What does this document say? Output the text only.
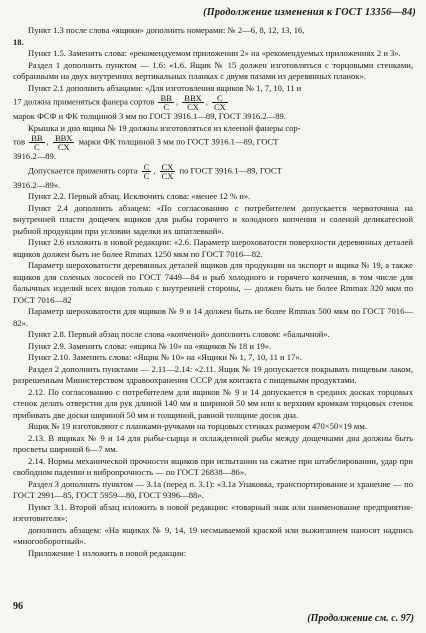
(Продолжение изменения к ГОСТ 13356—84)

Пункт 1.3 после слова «ящики» дополнить номерами: № 2—6, 8, 12, 13, 16,

18.

Пункт 1.5. Заменить слова: «рекомендуемом приложении 2» на «рекомендуемых приложениях 2 и 3».

Раздел 1 дополнить пунктом — 1.6: «1.6. Ящик № 15 должен изготовляться с торцовыми стенками, собранными на двух внутренних вертикальных планках с двумя пазами из деревянных планок».

Пункт 2.1 дополнить абзацами: «Для изготовления ящиков № 1, 7, 10, 11 и

17 должна применяться фанера сортов $\frac{ВВ}{С}$ , $\frac{\text{ВВХ}}{СХ}$ , $\frac{С}{СХ}$

марок ФСФ и ФК толщиной 3 мм по ГОСТ 3916.1—89, ГОСТ 3916.2—89.

Крышка и дно ящика № 19 должны изготовляться из клееной фанеры сор-

тов $\frac{ВВ}{С}$ , $\frac{\text{ВВХ}}{СХ}$ марки ФК толщиной 3 мм по ГОСТ 3916.1—89, ГОСТ

3916.2—89.

Допускается применять сорта $\frac{С}{С}$ , $\frac{СХ}{СХ}$ по ГОСТ 3916.1—89, ГОСТ

3916.2—89».

Пункт 2.2. Первый абзац. Исключить слова: «менее 12 % и».

Пункт 2.4 дополнить абзацем: «По согласованию с потребителем допускается червоточина на внутренней пласти дощечек ящиков для рыбы горячего и холодного копчения и соленой деликатесной рыбной продукции при условии заделки их шпатлевкой».

Пункт 2.6 изложить в новой редакции: «2.6. Параметр шероховатости поверхности деревянных деталей ящиков должен быть не более Rmmax 1250 мкм по ГОСТ 7016—82.

Параметр шероховатости деревянных деталей ящиков для продукции на экспорт и ящика № 19, а также ящиков для соленых лососей по ГОСТ 7449—84 и рыб холодного и горячего копчения, в том числе для балычных изделий всех видов только с внутренней стороны, — должен быть не более Rmmax 320 мкм по ГОСТ 7016—82

Параметр шероховатости для ящиков № 9 и 14 должен быть не более Rmmax 500 мкм по ГОСТ 7016—82».

Пункт 2.8. Первый абзац после слова «копченой» дополнить словом: «балычной».

Пункт 2.9. Заменить слова: «ящика № 10» на «ящиков № 18 и 19».

Пункт 2.10. Заменить слова: «Ящик № 10» на «Ящики № 1, 7, 10, 11 и 17».

Раздел 2 дополнить пунктами — 2.11—2.14: «2.11. Ящик № 19 допускается покрывать пищевым лаком, разрешенным Министерством здравоохранения СССР для контакта с пищевыми продуктами.

2.12. По согласованию с потребителем для ящиков № 9 и 14 допускается в средних досках торцовых стенок делать отверстия для рук длиной 140 мм и шириной 50 мм или к верхним кромкам торцовых стенок прибивать две доски шириной 50 мм и толщиной, равной толщине досок дна.

Ящик № 19 изготовляют с планками-ручками на торцовых стенках размером 470×50×19 мм.

2.13. В ящиках № 9 и 14 для рыбы-сырца и охлажденной рыбы между дощечками дна должны быть просветы шириной 6—7 мм.

2.14. Нормы механической прочности ящиков при испытании на сжатие при штабелировании, удар при свободном падении и вибропрочность — по ГОСТ 26838—86».

Раздел 3 дополнить пунктом — 3.1а (перед п. 3.1): «3.1а Упаковка, транспортирование и хранение — по ГОСТ 2991—85, ГОСТ 5959—80, ГОСТ 9396—88».

Пункт 3.1. Второй абзац изложить в новой редакции: «товарный знак или наименование предприятия-изготовителя»;

дополнить абзацем: «На ящиках № 9, 14, 19 несмываемой краской или выжиганием наносят надпись «многооборотный».

Приложение 1 изложить в новой редакции:

96
(Продолжение см. с. 97)
